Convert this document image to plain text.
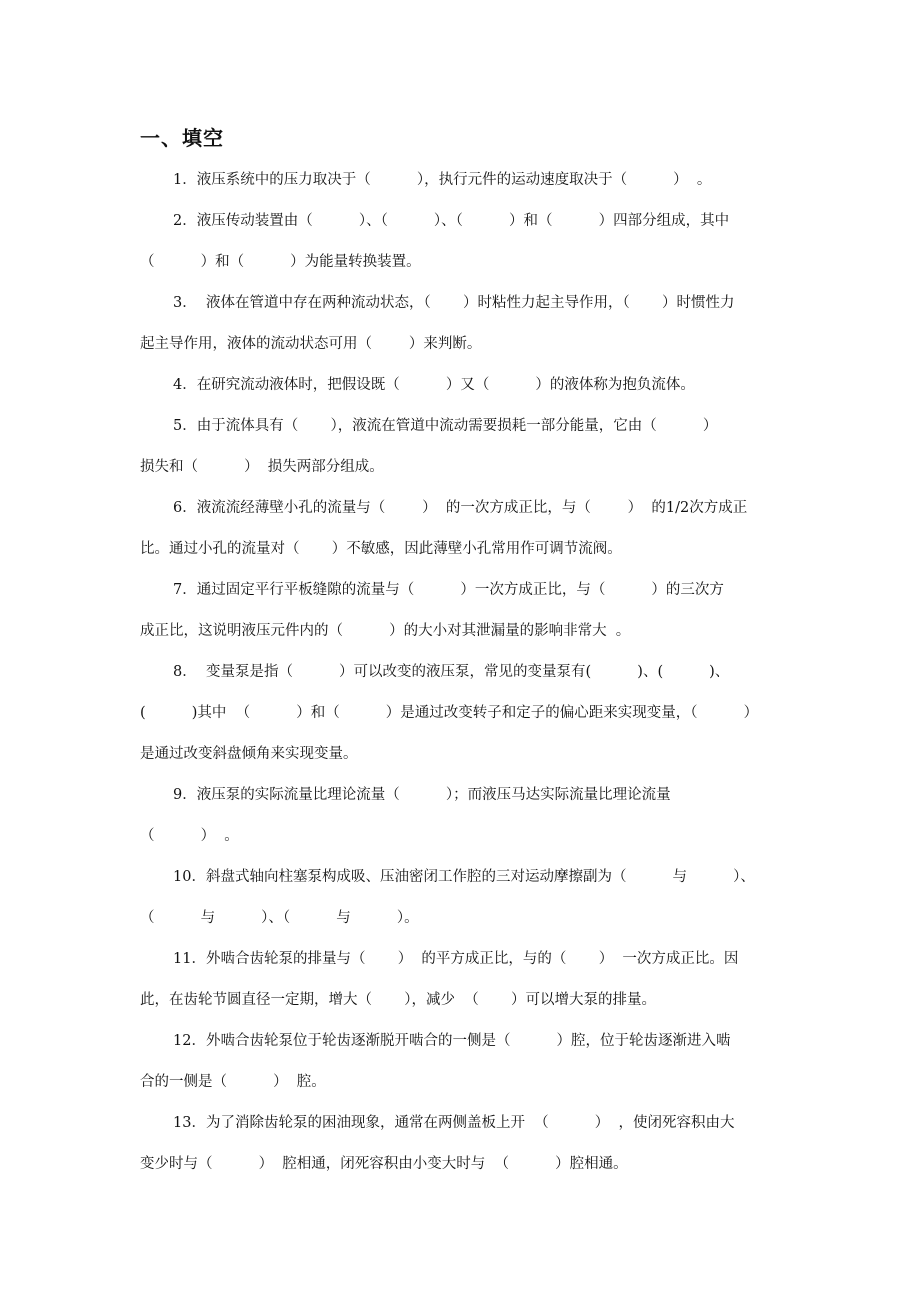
一、填空

1．液压系统中的压力取决于（          ），执行元件的运动速度取决于（          ）  。

2．液压传动装置由（          ）、（          ）、（          ）和（          ）四部分组成，其中
（          ）和（          ）为能量转换装置。

3．  液体在管道中存在两种流动状态，（       ）时粘性力起主导作用，（       ）时惯性力
起主导作用，液体的流动状态可用（        ）来判断。

4．在研究流动液体时，把假设既（          ）又（          ）的液体称为抱负流体。

5．由于流体具有（       ），液流在管道中流动需要损耗一部分能量，它由（          ）
损失和（          ）  损失两部分组成。

6．液流流经薄壁小孔的流量与（        ）  的一次方成正比，与（        ）  的1/2次方成正
比。通过小孔的流量对（       ）不敏感，因此薄壁小孔常用作可调节流阀。

7．通过固定平行平板缝隙的流量与（          ）一次方成正比，与（          ）的三次方
成正比，这说明液压元件内的（          ）的大小对其泄漏量的影响非常大  。

8．  变量泵是指（          ）可以改变的液压泵，常见的变量泵有(          )、(          )、
(          )其中  （          ）和（          ）是通过改变转子和定子的偏心距来实现变量，（          ）
是通过改变斜盘倾角来实现变量。

9．液压泵的实际流量比理论流量（          ）；而液压马达实际流量比理论流量
（          ）  。

10．斜盘式轴向柱塞泵构成吸、压油密闭工作腔的三对运动摩擦副为（          与          ）、
（          与          ）、（          与          ）。

11．外啮合齿轮泵的排量与（       ）  的平方成正比，与的（       ）  一次方成正比。因
此，在齿轮节圆直径一定期，增大（       ），减少  （       ）可以增大泵的排量。

12．外啮合齿轮泵位于轮齿逐渐脱开啮合的一侧是（          ）腔，位于轮齿逐渐进入啮
合的一侧是（          ）  腔。

13．为了消除齿轮泵的困油现象，通常在两侧盖板上开  （          ）  ，使闭死容积由大
变少时与（          ）  腔相通，闭死容积由小变大时与  （          ）腔相通。
